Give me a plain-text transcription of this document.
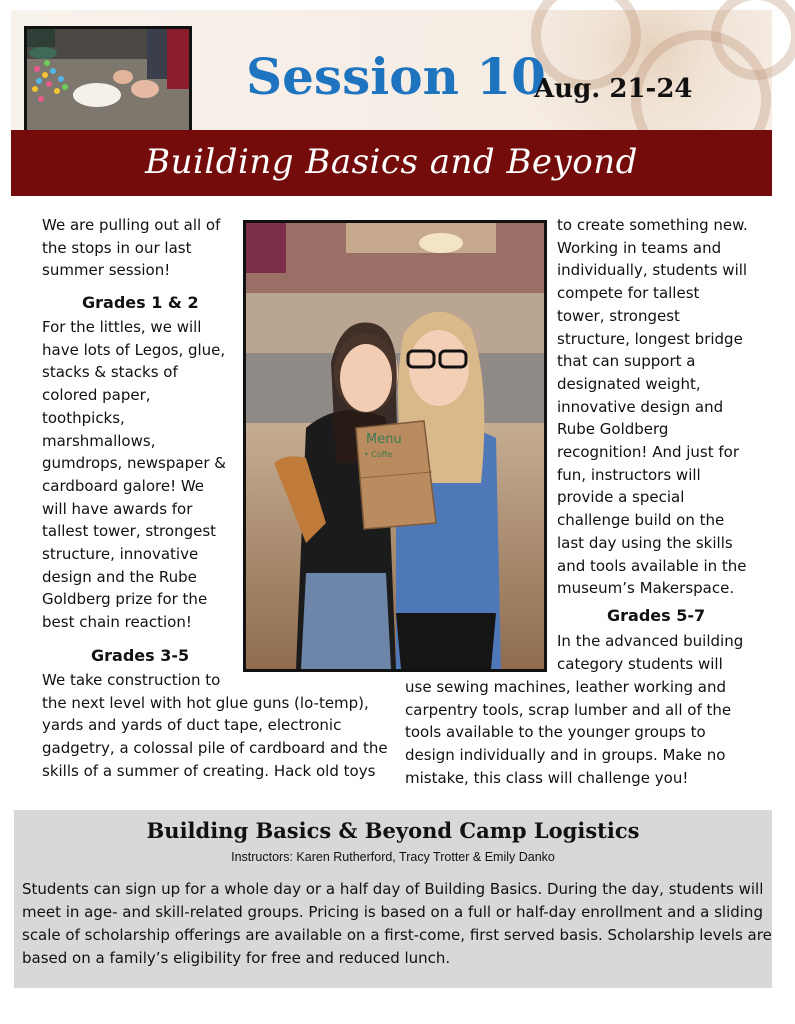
Session 10
Aug. 21-24
Building Basics and Beyond
We are pulling out all of
the stops in our last
summer session!
Grades 1 & 2
For the littles, we will
have lots of Legos, glue,
stacks & stacks of
colored paper,
toothpicks,
marshmallows,
gumdrops, newspaper &
cardboard galore! We
will have awards for
tallest tower, strongest
structure, innovative
design and the Rube
Goldberg prize for the
best chain reaction!
Grades 3-5
We take construction to
the next level with hot glue guns (lo-temp),
yards and yards of duct tape, electronic
gadgetry, a colossal pile of cardboard and the
skills of a summer of creating. Hack old toys
Menu
• Coffe
to create something new.
Working in teams and
individually, students will
compete for tallest
tower, strongest
structure, longest bridge
that can support a
designated weight,
innovative design and
Rube Goldberg
recognition! And just for
fun, instructors will
provide a special
challenge build on the
last day using the skills
and tools available in the
museum’s Makerspace.
Grades 5-7
In the advanced building
category students will
use sewing machines, leather working and
carpentry tools, scrap lumber and all of the
tools available to the younger groups to
design individually and in groups. Make no
mistake, this class will challenge you!
Building Basics & Beyond Camp Logistics
Instructors: Karen Rutherford, Tracy Trotter & Emily Danko
Students can sign up for a whole day or a half day of Building Basics. During the day, students will
meet in age- and skill-related groups. Pricing is based on a full or half-day enrollment and a sliding
scale of scholarship offerings are available on a first-come, first served basis. Scholarship levels are
based on a family’s eligibility for free and reduced lunch.
